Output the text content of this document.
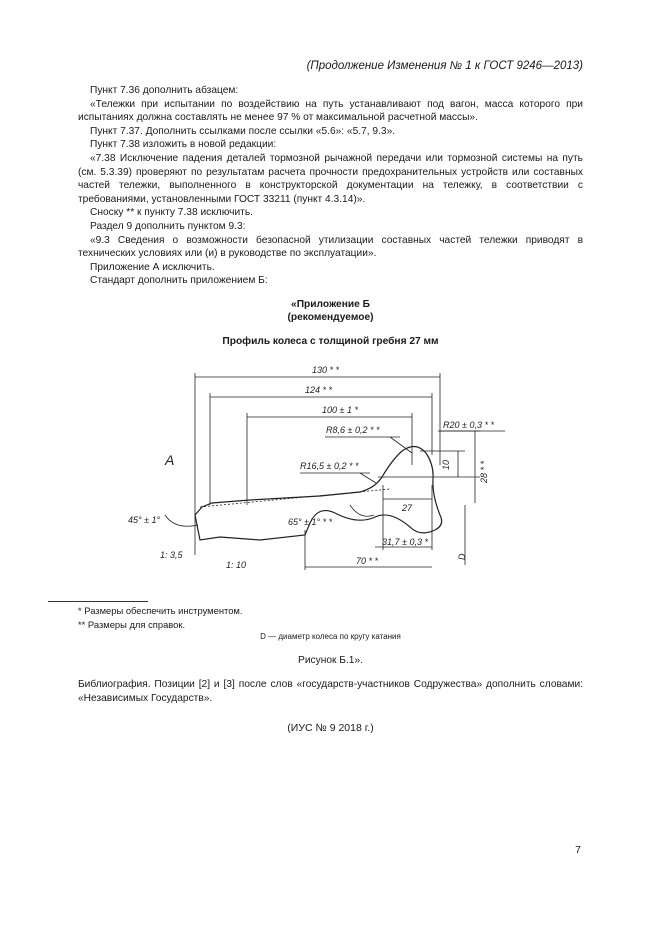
(Продолжение Изменения № 1 к ГОСТ 9246—2013)

Пункт 7.36 дополнить абзацем:

«Тележки при испытании по воздействию на путь устанавливают под вагон, масса которого при испытаниях должна составлять не менее 97 % от максимальной расчетной массы».

Пункт 7.37. Дополнить ссылками после ссылки «5.6»: «5.7, 9.3».

Пункт 7.38 изложить в новой редакции:

«7.38 Исключение падения деталей тормозной рычажной передачи или тормозной системы на путь (см. 5.3.39) проверяют по результатам расчета прочности предохранительных устройств или составных частей тележки, выполненного в конструкторской документации на тележку, в соответствии с требованиями, установленными ГОСТ 33211 (пункт 4.3.14)».

Сноску ** к пункту 7.38 исключить.

Раздел 9 дополнить пунктом 9.3:

«9.3 Сведения о возможности безопасной утилизации составных частей тележки приводят в технических условиях или (и) в руководстве по эксплуатации».

Приложение А исключить.

Стандарт дополнить приложением Б:

«Приложение Б
(рекомендуемое)
Профиль колеса с толщиной гребня 27 мм
130 * *
124 * *
100 ± 1 *
R8,6 ± 0,2 * *	R20 ± 0,3 * *
R16,5 ± 0,2 * *
A
45° ± 1°	65° ± 1° * *
10	28 * *
27
31,7 ± 0,3 *
70 * *
1: 3,5
1: 10
D
* Размеры обеспечить инструментом.
** Размеры для справок.
D — диаметр колеса по кругу катания
Рисунок Б.1».
Библиография. Позиции [2] и [3] после слов «государств-участников Содружества» дополнить словами: «Независимых Государств».
(ИУС № 9 2018 г.)
7
